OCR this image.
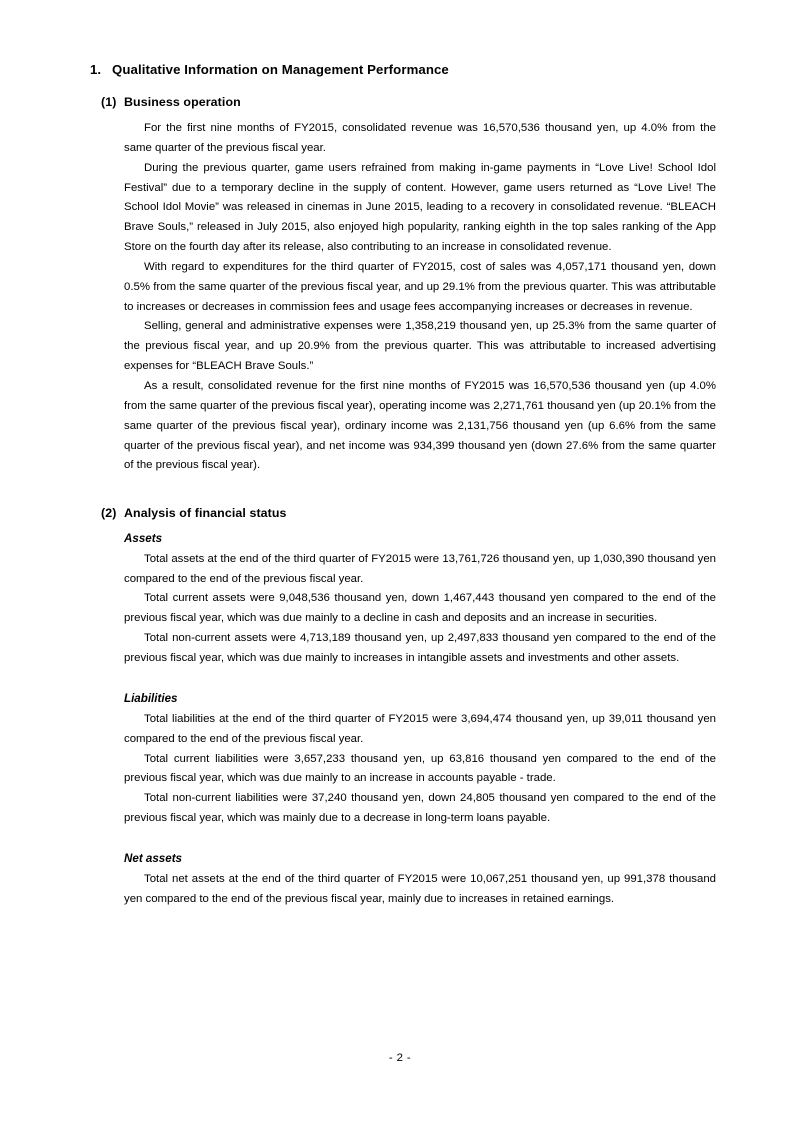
1. Qualitative Information on Management Performance
(1) Business operation

For the first nine months of FY2015, consolidated revenue was 16,570,536 thousand yen, up 4.0% from the same quarter of the previous fiscal year.

During the previous quarter, game users refrained from making in-game payments in “Love Live! School Idol Festival” due to a temporary decline in the supply of content. However, game users returned as “Love Live! The School Idol Movie” was released in cinemas in June 2015, leading to a recovery in consolidated revenue. “BLEACH Brave Souls,” released in July 2015, also enjoyed high popularity, ranking eighth in the top sales ranking of the App Store on the fourth day after its release, also contributing to an increase in consolidated revenue.

With regard to expenditures for the third quarter of FY2015, cost of sales was 4,057,171 thousand yen, down 0.5% from the same quarter of the previous fiscal year, and up 29.1% from the previous quarter. This was attributable to increases or decreases in commission fees and usage fees accompanying increases or decreases in revenue.

Selling, general and administrative expenses were 1,358,219 thousand yen, up 25.3% from the same quarter of the previous fiscal year, and up 20.9% from the previous quarter. This was attributable to increased advertising expenses for “BLEACH Brave Souls.”

As a result, consolidated revenue for the first nine months of FY2015 was 16,570,536 thousand yen (up 4.0% from the same quarter of the previous fiscal year), operating income was 2,271,761 thousand yen (up 20.1% from the same quarter of the previous fiscal year), ordinary income was 2,131,756 thousand yen (up 6.6% from the same quarter of the previous fiscal year), and net income was 934,399 thousand yen (down 27.6% from the same quarter of the previous fiscal year).

(2) Analysis of financial status
Assets

Total assets at the end of the third quarter of FY2015 were 13,761,726 thousand yen, up 1,030,390 thousand yen compared to the end of the previous fiscal year.

Total current assets were 9,048,536 thousand yen, down 1,467,443 thousand yen compared to the end of the previous fiscal year, which was due mainly to a decline in cash and deposits and an increase in securities.

Total non-current assets were 4,713,189 thousand yen, up 2,497,833 thousand yen compared to the end of the previous fiscal year, which was due mainly to increases in intangible assets and investments and other assets.

Liabilities

Total liabilities at the end of the third quarter of FY2015 were 3,694,474 thousand yen, up 39,011 thousand yen compared to the end of the previous fiscal year.

Total current liabilities were 3,657,233 thousand yen, up 63,816 thousand yen compared to the end of the previous fiscal year, which was due mainly to an increase in accounts payable - trade.

Total non-current liabilities were 37,240 thousand yen, down 24,805 thousand yen compared to the end of the previous fiscal year, which was mainly due to a decrease in long-term loans payable.

Net assets

Total net assets at the end of the third quarter of FY2015 were 10,067,251 thousand yen, up 991,378 thousand yen compared to the end of the previous fiscal year, mainly due to increases in retained earnings.

- 2 -
